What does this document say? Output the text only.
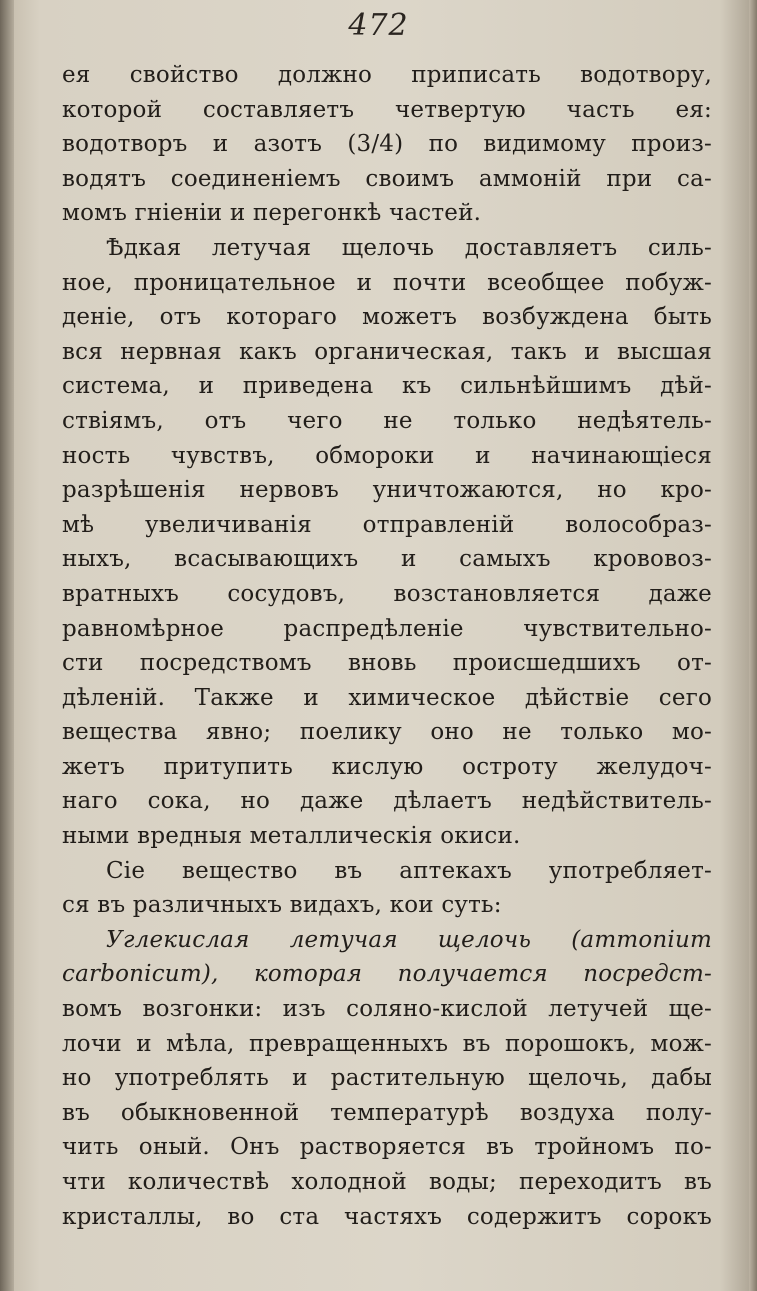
472
ея свойство должно приписать водотвору,
которой составляетъ четвертую часть ея:
водотворъ и азотъ (3/4) по видимому произ-
водятъ соединеніемъ своимъ аммоній при са-
момъ гніеніи и перегонкѣ частей.
Ѣдкая летучая щелочь доставляетъ силь-
ное, проницательное и почти всеобщее побуж-
деніе, отъ котораго можетъ возбуждена быть
вся нервная какъ органическая, такъ и высшая
система, и приведена къ сильнѣйшимъ дѣй-
ствіямъ, отъ чего не только недѣятель-
ность чувствъ, обмороки и начинающіеся
разрѣшенія нервовъ уничтожаются, но кро-
мѣ увеличиванія отправленій волособраз-
ныхъ, всасывающихъ и самыхъ крововоз-
вратныхъ сосудовъ, возстановляется даже
равномѣрное распредѣленіе чувствительно-
сти посредствомъ вновь происшедшихъ от-
дѣленій. Также и химическое дѣйствіе сего
вещества явно; поелику оно не только мо-
жетъ притупить кислую остроту желудоч-
наго сока, но даже дѣлаетъ недѣйствитель-
ными вредныя металлическія окиси.
Сіе вещество въ аптекахъ употребляет-
ся въ различныхъ видахъ, кои суть:
Углекислая летучая щелочь (ammonium
carbonicum), которая получается посредст-
вомъ возгонки: изъ соляно-кислой летучей ще-
лочи и мѣла, превращенныхъ въ порошокъ, мож-
но употреблять и растительную щелочь, дабы
въ обыкновенной температурѣ воздуха полу-
чить оный. Онъ растворяется въ тройномъ по-
чти количествѣ холодной воды; переходитъ въ
кристаллы, во ста частяхъ содержитъ сорокъ
